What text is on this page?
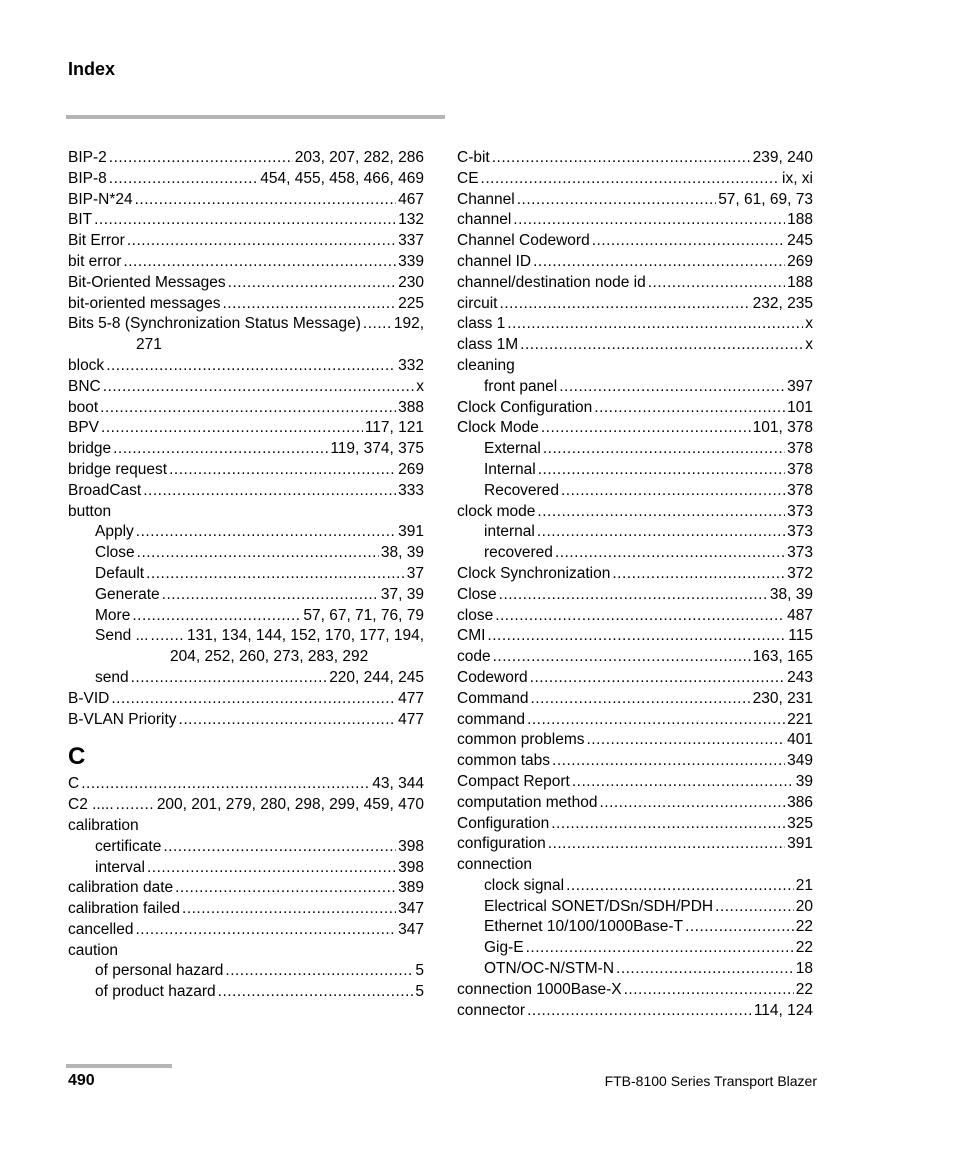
Index
BIP-2 .....	203, 207, 282, 286
BIP-8 .....	454, 455, 458, 466, 469
BIP-N*24 .....	467
BIT .....	132
Bit Error .....	337
bit error .....	339
Bit-Oriented Messages .....	230
bit-oriented messages .....	225
Bits 5-8 (Synchronization Status Message) ..... 192,
271
block .....	332
BNC .....	x
boot .....	388
BPV .....	117, 121
bridge .....	119, 374, 375
bridge request .....	269
BroadCast .....	333
button
Apply .....	391
Close .....	38, 39
Default .....	37
Generate .....	37, 39
More .....	57, 67, 71, 76, 79
Send ... ..... 131, 134, 144, 152, 170, 177, 194,
204, 252, 260, 273, 283, 292
send .....	220, 244, 245
B-VID .....	477
B-VLAN Priority .....	477
C
C .....	43, 344
C2 ..... .....	200, 201, 279, 280, 298, 299, 459, 470
calibration
certificate .....	398
interval .....	398
calibration date .....	389
calibration failed .....	347
cancelled .....	347
caution
of personal hazard .....	5
of product hazard .....	5
C-bit .....	239, 240
CE .....	ix, xi
Channel .....	57, 61, 69, 73
channel .....	188
Channel Codeword .....	245
channel ID .....	269
channel/destination node id .....	188
circuit .....	232, 235
class 1 .....	x
class 1M .....	x
cleaning
front panel .....	397
Clock Configuration .....	101
Clock Mode .....	101, 378
External .....	378
Internal .....	378
Recovered .....	378
clock mode .....	373
internal .....	373
recovered .....	373
Clock Synchronization .....	372
Close .....	38, 39
close .....	487
CMI .....	115
code .....	163, 165
Codeword .....	243
Command .....	230, 231
command .....	221
common problems .....	401
common tabs .....	349
Compact Report .....	39
computation method .....	386
Configuration .....	325
configuration .....	391
connection
clock signal .....	21
Electrical SONET/DSn/SDH/PDH .....	20
Ethernet 10/100/1000Base-T .....	22
Gig-E .....	22
OTN/OC-N/STM-N .....	18
connection 1000Base-X .....	22
connector .....	114, 124
490	FTB-8100 Series Transport Blazer
